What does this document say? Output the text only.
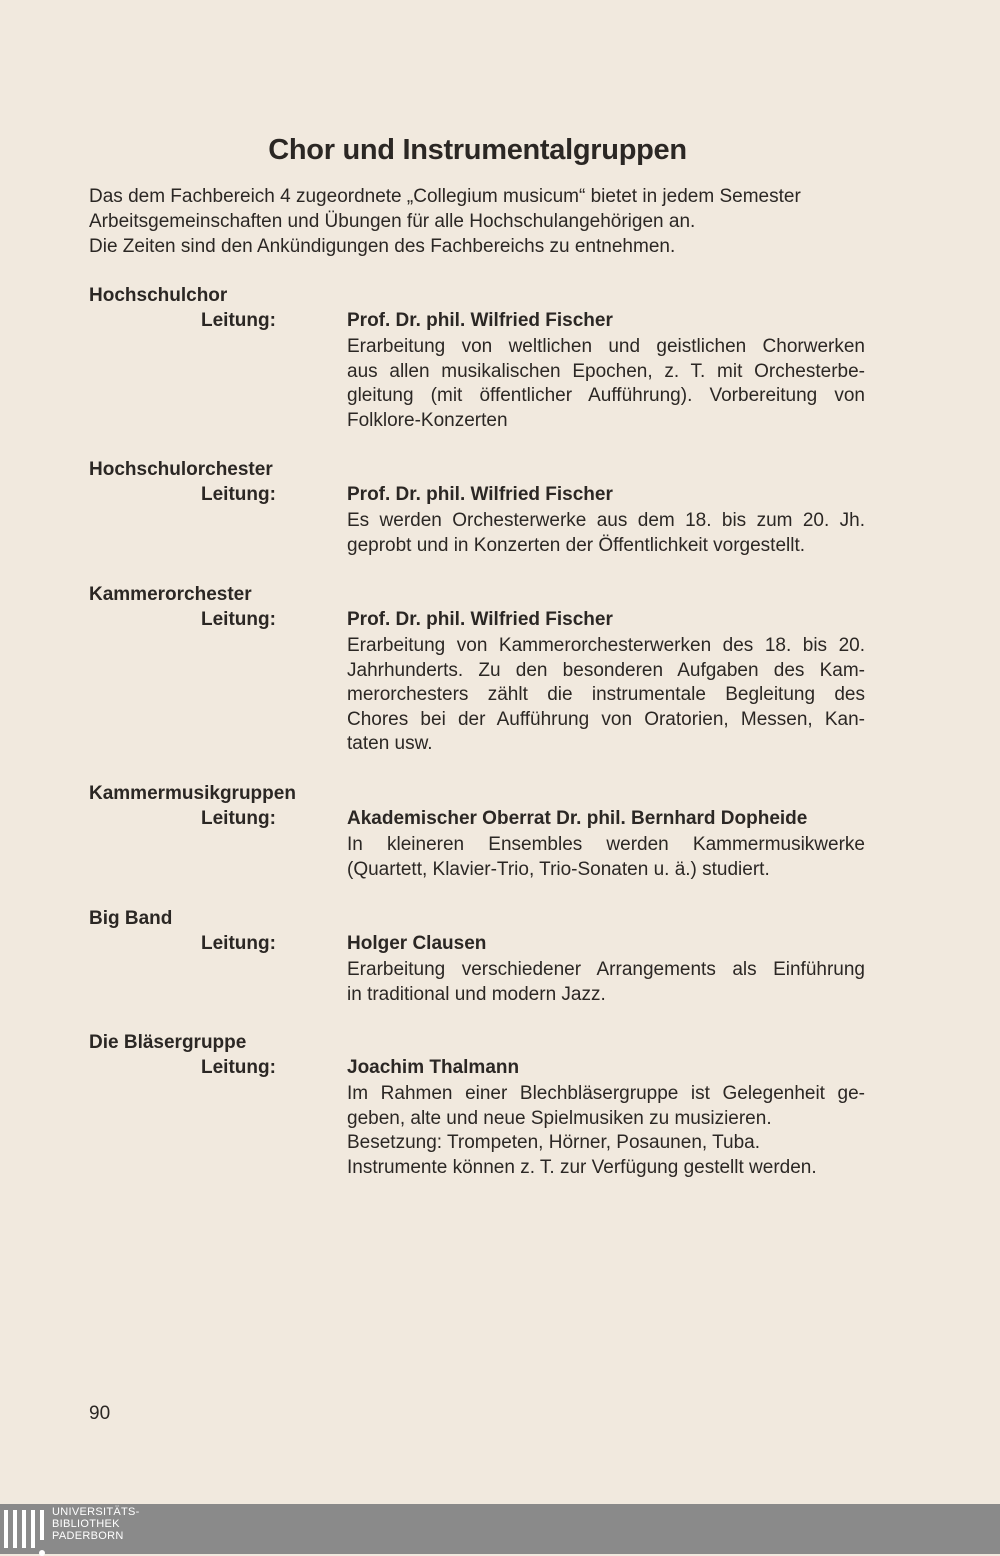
Chor und Instrumentalgruppen
Das dem Fachbereich 4 zugeordnete „Collegium musicum“ bietet in jedem Semester
Arbeitsgemeinschaften und Übungen für alle Hochschulangehörigen an.
Die Zeiten sind den Ankündigungen des Fachbereichs zu entnehmen.
Hochschulchor
Leitung:	Prof. Dr. phil. Wilfried Fischer
Erarbeitung von weltlichen und geistlichen Chorwerken
aus allen musikalischen Epochen, z. T. mit Orchesterbe-
gleitung (mit öffentlicher Aufführung). Vorbereitung von
Folklore-Konzerten
Hochschulorchester
Leitung:	Prof. Dr. phil. Wilfried Fischer
Es werden Orchesterwerke aus dem 18. bis zum 20. Jh.
geprobt und in Konzerten der Öffentlichkeit vorgestellt.
Kammerorchester
Leitung:	Prof. Dr. phil. Wilfried Fischer
Erarbeitung von Kammerorchesterwerken des 18. bis 20.
Jahrhunderts. Zu den besonderen Aufgaben des Kam-
merorchesters zählt die instrumentale Begleitung des
Chores bei der Aufführung von Oratorien, Messen, Kan-
taten usw.
Kammermusikgruppen
Leitung:	Akademischer Oberrat Dr. phil. Bernhard Dopheide
In kleineren Ensembles werden Kammermusikwerke
(Quartett, Klavier-Trio, Trio-Sonaten u. ä.) studiert.
Big Band
Leitung:	Holger Clausen
Erarbeitung verschiedener Arrangements als Einführung
in traditional und modern Jazz.
Die Bläsergruppe
Leitung:	Joachim Thalmann
Im Rahmen einer Blechbläsergruppe ist Gelegenheit ge-
geben, alte und neue Spielmusiken zu musizieren.
Besetzung: Trompeten, Hörner, Posaunen, Tuba.
Instrumente können z. T. zur Verfügung gestellt werden.
90
UNIVERSITÄTS-
BIBLIOTHEK
PADERBORN
